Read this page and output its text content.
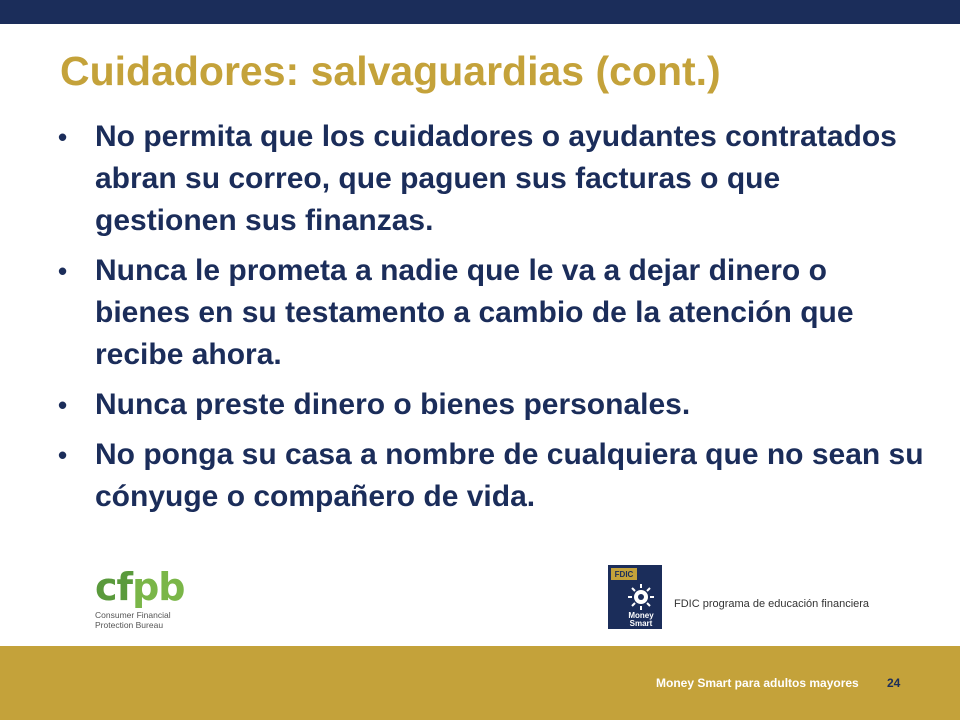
Cuidadores: salvaguardias (cont.)
• No permita que los cuidadores o ayudantes contratados abran su correo, que paguen sus facturas o que gestionen sus finanzas.
• Nunca le prometa a nadie que le va a dejar dinero o bienes en su testamento a cambio de la atención que recibe ahora.
• Nunca preste dinero o bienes personales.
• No ponga su casa a nombre de cualquiera que no sean su cónyuge o compañero de vida.
cfpb
Consumer Financial
Protection Bureau
FDIC
Money
Smart
FDIC programa de educación financiera
Money Smart para adultos mayores 24
